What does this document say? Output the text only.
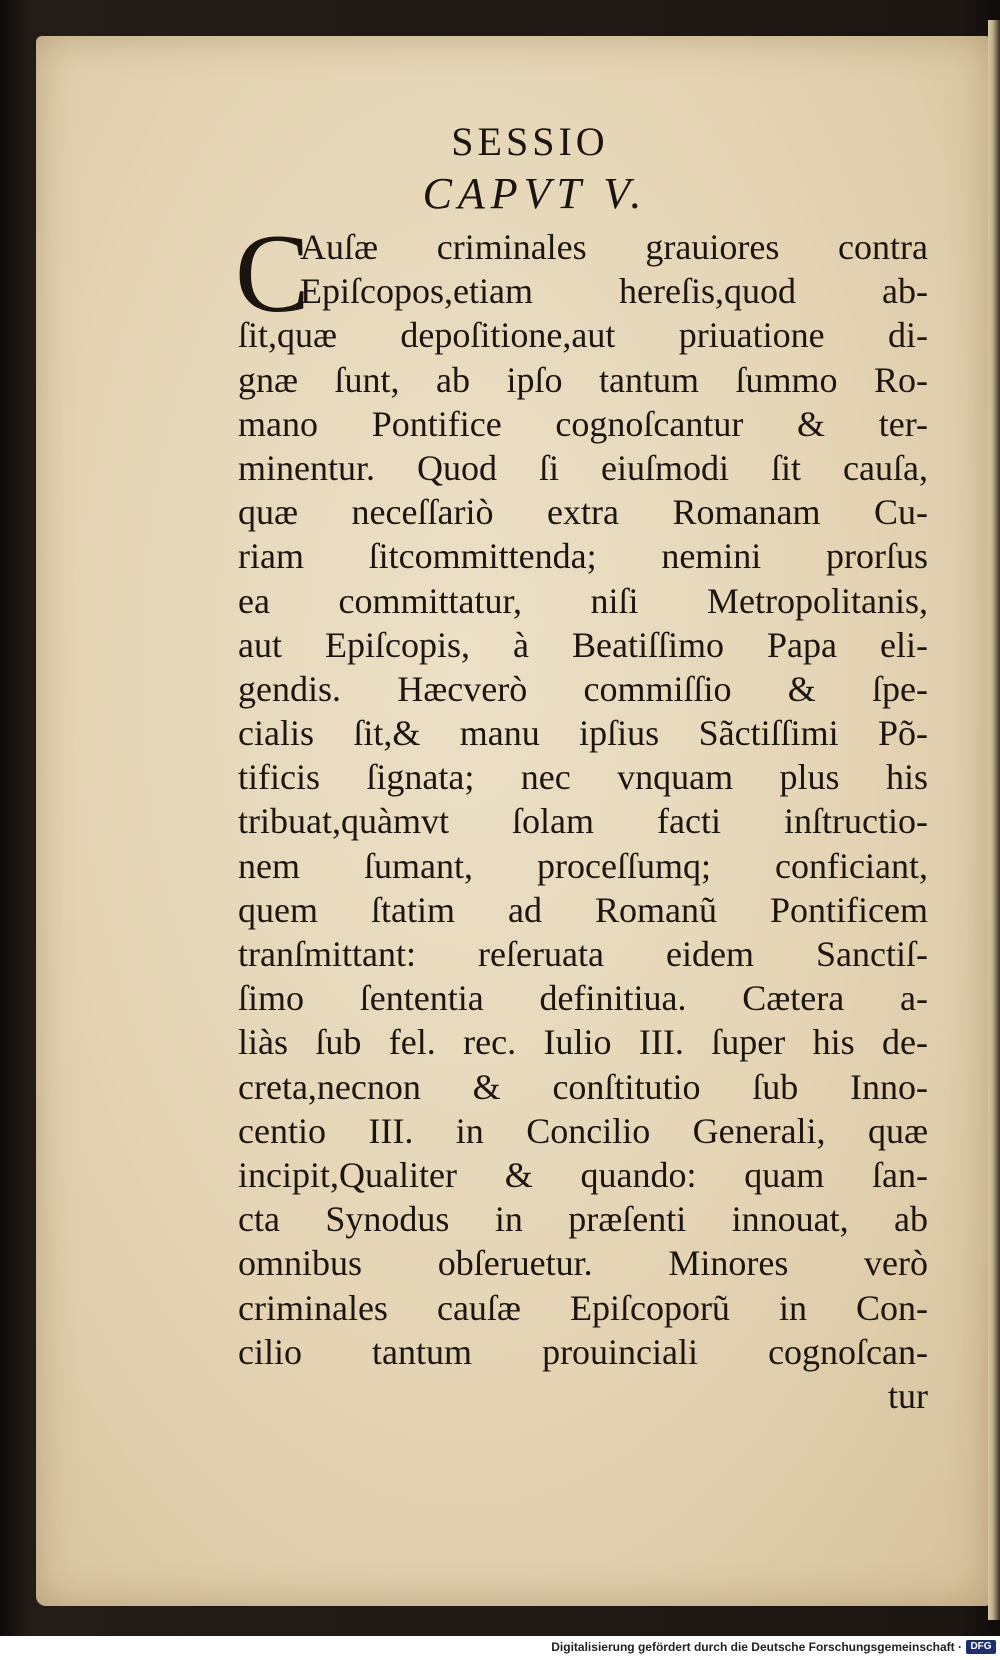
SESSIO
CAPVT V.
C
Auſæ criminales grauiores contra
Epiſcopos,etiam hereſis,quod ab-
ſit,quæ depoſitione,aut priuatione di-
gnæ ſunt, ab ipſo tantum ſummo Ro-
mano Pontifice cognoſcantur & ter-
minentur. Quod ſi eiuſmodi ſit cauſa,
quæ neceſſariò extra Romanam Cu-
riam ſitcommittenda; nemini prorſus
ea committatur, niſi Metropolitanis,
aut Epiſcopis, à Beatiſſimo Papa eli-
gendis. Hæcverò commiſſio & ſpe-
cialis ſit,& manu ipſius Sãctiſſimi Põ-
tificis ſignata; nec vnquam plus his
tribuat,quàmvt ſolam facti inſtructio-
nem ſumant, proceſſumq; conficiant,
quem ſtatim ad Romanũ Pontificem
tranſmittant: reſeruata eidem Sanctiſ-
ſimo ſententia definitiua. Cætera a-
liàs ſub fel. rec. Iulio III. ſuper his de-
creta,necnon & conſtitutio ſub Inno-
centio III. in Concilio Generali, quæ
incipit,Qualiter & quando: quam ſan-
cta Synodus in præſenti innouat, ab
omnibus obſeruetur. Minores verò
criminales cauſæ Epiſcoporũ in Con-
cilio tantum prouinciali cognoſcan-
tur
Digitalisierung gefördert durch die Deutsche Forschungsgemeinschaft · DFG
